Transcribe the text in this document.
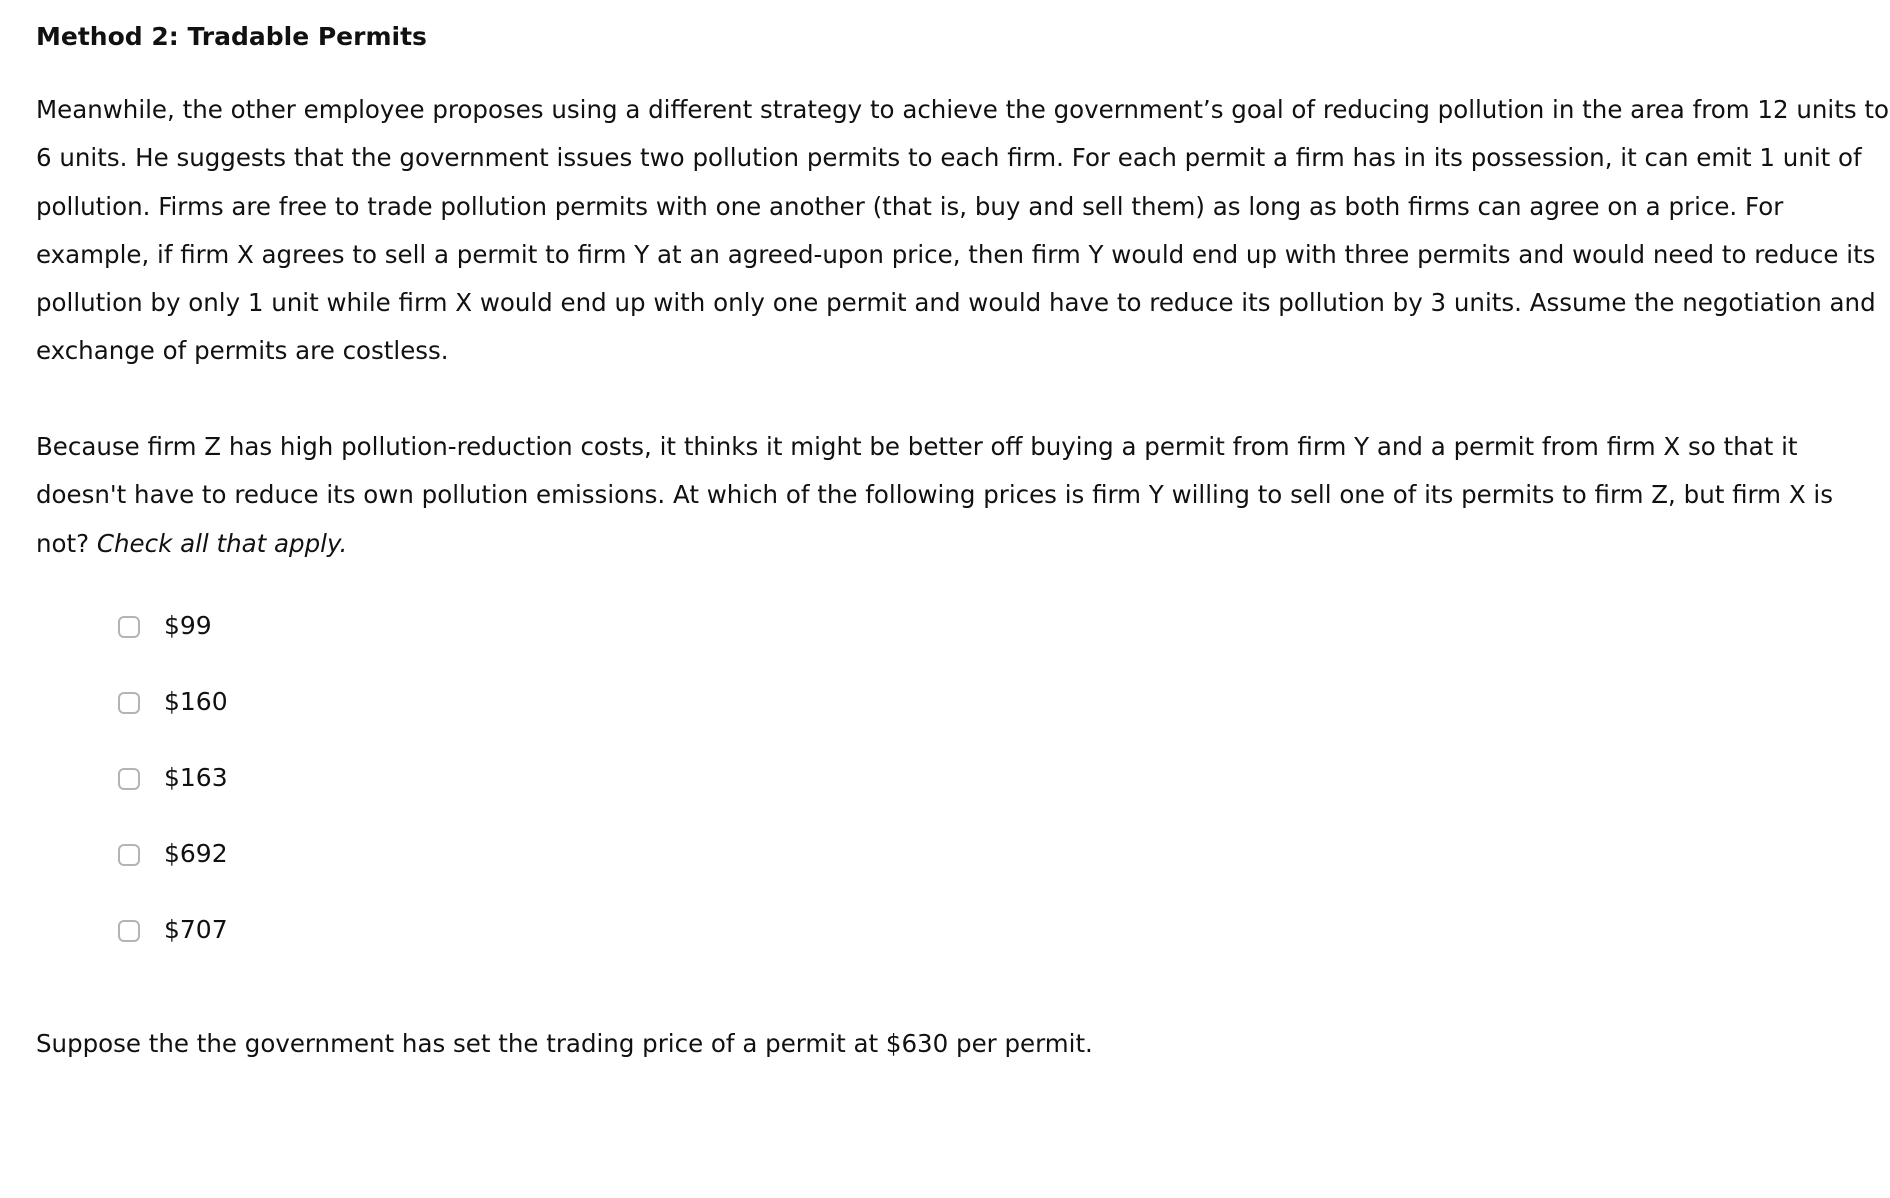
Method 2: Tradable Permits

Meanwhile, the other employee proposes using a different strategy to achieve the government’s goal of reducing pollution in the area from 12 units to
6 units. He suggests that the government issues two pollution permits to each firm. For each permit a firm has in its possession, it can emit 1 unit of
pollution. Firms are free to trade pollution permits with one another (that is, buy and sell them) as long as both firms can agree on a price. For
example, if firm X agrees to sell a permit to firm Y at an agreed-upon price, then firm Y would end up with three permits and would need to reduce its
pollution by only 1 unit while firm X would end up with only one permit and would have to reduce its pollution by 3 units. Assume the negotiation and
exchange of permits are costless.

Because firm Z has high pollution-reduction costs, it thinks it might be better off buying a permit from firm Y and a permit from firm X so that it
doesn't have to reduce its own pollution emissions. At which of the following prices is firm Y willing to sell one of its permits to firm Z, but firm X is
not? Check all that apply.

$99
$160
$163
$692
$707

Suppose the the government has set the trading price of a permit at $630 per permit.
